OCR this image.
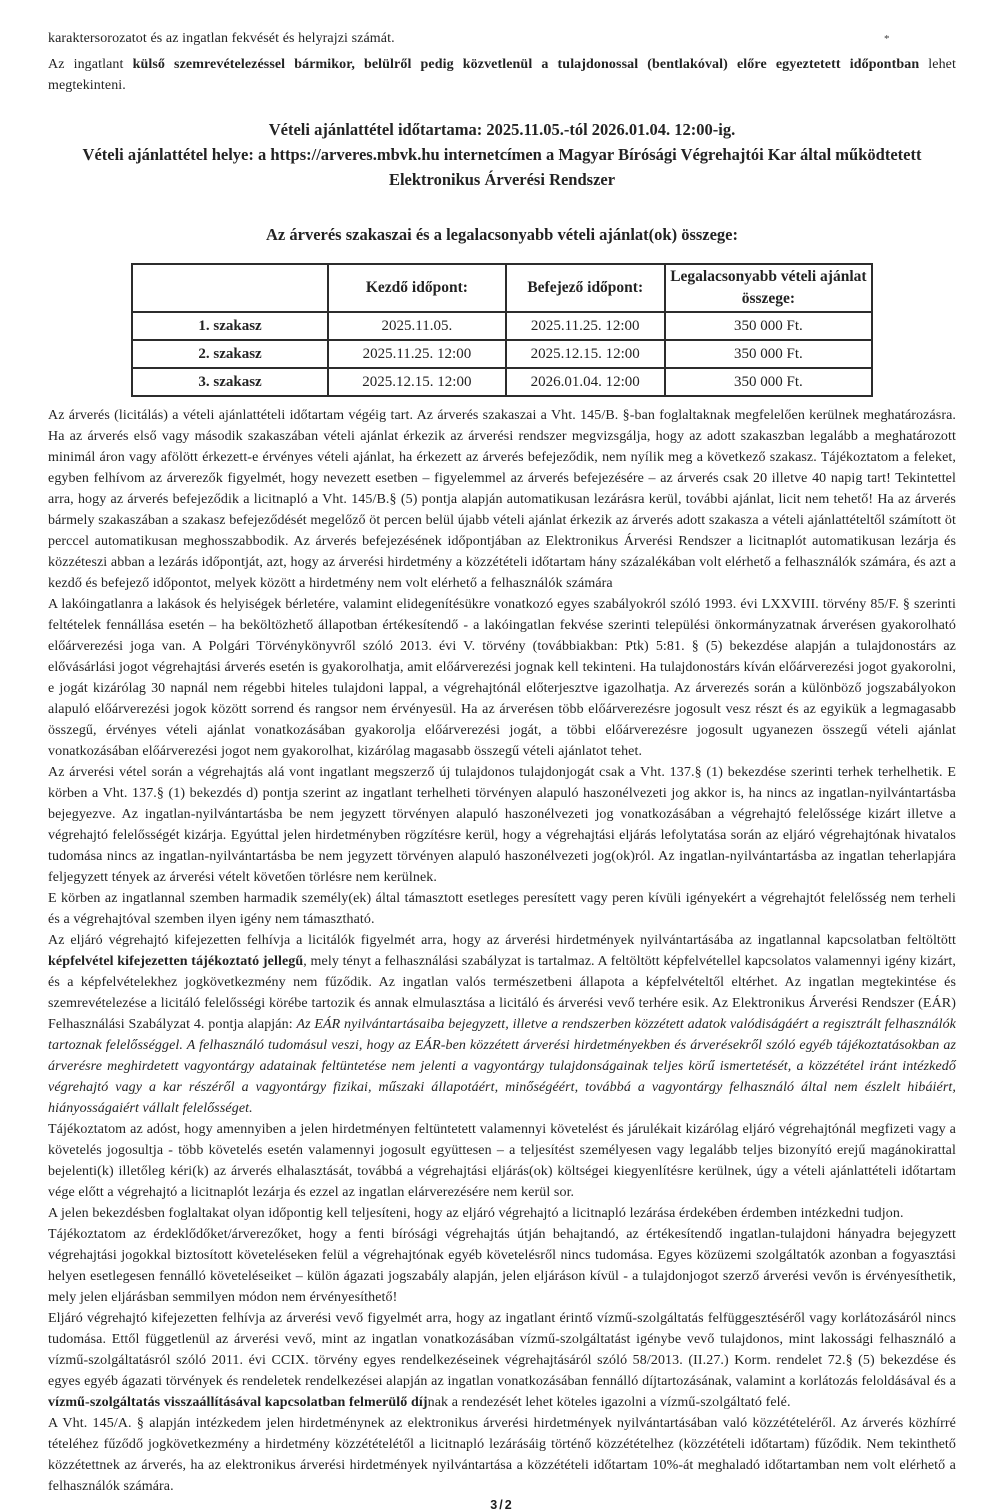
karaktersorozatot és az ingatlan fekvését és helyrajzi számát.
Az ingatlant külső szemrevételezéssel bármikor, belülről pedig közvetlenül a tulajdonossal (bentlakóval) előre egyeztetett időpontban lehet megtekinteni.
*
Vételi ajánlattétel időtartama: 2025.11.05.-tól 2026.01.04. 12:00-ig.
Vételi ajánlattétel helye: a https://arveres.mbvk.hu internetcímen a Magyar Bírósági Végrehajtói Kar által működtetett Elektronikus Árverési Rendszer
Az árverés szakaszai és a legalacsonyabb vételi ajánlat(ok) összege:
	Kezdő időpont:	Befejező időpont:	Legalacsonyabb vételi ajánlat összege:
1. szakasz	2025.11.05.	2025.11.25. 12:00	350 000 Ft.
2. szakasz	2025.11.25. 12:00	2025.12.15. 12:00	350 000 Ft.
3. szakasz	2025.12.15. 12:00	2026.01.04. 12:00	350 000 Ft.
Az árverés (licitálás) a vételi ajánlattételi időtartam végéig tart. Az árverés szakaszai a Vht. 145/B. §-ban foglaltaknak megfelelően kerülnek meghatározásra. Ha az árverés első vagy második szakaszában vételi ajánlat érkezik az árverési rendszer megvizsgálja, hogy az adott szakaszban legalább a meghatározott minimál áron vagy afölött érkezett-e érvényes vételi ajánlat, ha érkezett az árverés befejeződik, nem nyílik meg a következő szakasz. Tájékoztatom a feleket, egyben felhívom az árverezők figyelmét, hogy nevezett esetben – figyelemmel az árverés befejezésére – az árverés csak 20 illetve 40 napig tart! Tekintettel arra, hogy az árverés befejeződik a licitnapló a Vht. 145/B.§ (5) pontja alapján automatikusan lezárásra kerül, további ajánlat, licit nem tehető! Ha az árverés bármely szakaszában a szakasz befejeződését megelőző öt percen belül újabb vételi ajánlat érkezik az árverés adott szakasza a vételi ajánlattételtől számított öt perccel automatikusan meghosszabbodik. Az árverés befejezésének időpontjában az Elektronikus Árverési Rendszer a licitnaplót automatikusan lezárja és közzéteszi abban a lezárás időpontját, azt, hogy az árverési hirdetmény a közzétételi időtartam hány százalékában volt elérhető a felhasználók számára, és azt a kezdő és befejező időpontot, melyek között a hirdetmény nem volt elérhető a felhasználók számára
A lakóingatlanra a lakások és helyiségek bérletére, valamint elidegenítésükre vonatkozó egyes szabályokról szóló 1993. évi LXXVIII. törvény 85/F. § szerinti feltételek fennállása esetén – ha beköltözhető állapotban értékesítendő - a lakóingatlan fekvése szerinti települési önkormányzatnak árverésen gyakorolható előárverezési joga van. A Polgári Törvénykönyvről szóló 2013. évi V. törvény (továbbiakban: Ptk) 5:81. § (5) bekezdése alapján a tulajdonostárs az elővásárlási jogot végrehajtási árverés esetén is gyakorolhatja, amit előárverezési jognak kell tekinteni. Ha tulajdonostárs kíván előárverezési jogot gyakorolni, e jogát kizárólag 30 napnál nem régebbi hiteles tulajdoni lappal, a végrehajtónál előterjesztve igazolhatja. Az árverezés során a különböző jogszabályokon alapuló előárverezési jogok között sorrend és rangsor nem érvényesül. Ha az árverésen több előárverezésre jogosult vesz részt és az egyikük a legmagasabb összegű, érvényes vételi ajánlat vonatkozásában gyakorolja előárverezési jogát, a többi előárverezésre jogosult ugyanezen összegű vételi ajánlat vonatkozásában előárverezési jogot nem gyakorolhat, kizárólag magasabb összegű vételi ajánlatot tehet.
Az árverési vétel során a végrehajtás alá vont ingatlant megszerző új tulajdonos tulajdonjogát csak a Vht. 137.§ (1) bekezdése szerinti terhek terhelhetik. E körben a Vht. 137.§ (1) bekezdés d) pontja szerint az ingatlant terhelheti törvényen alapuló haszonélvezeti jog akkor is, ha nincs az ingatlan-nyilvántartásba bejegyezve. Az ingatlan-nyilvántartásba be nem jegyzett törvényen alapuló haszonélvezeti jog vonatkozásában a végrehajtó felelőssége kizárt illetve a végrehajtó felelősségét kizárja. Egyúttal jelen hirdetményben rögzítésre kerül, hogy a végrehajtási eljárás lefolytatása során az eljáró végrehajtónak hivatalos tudomása nincs az ingatlan-nyilvántartásba be nem jegyzett törvényen alapuló haszonélvezeti jog(ok)ról. Az ingatlan-nyilvántartásba az ingatlan teherlapjára feljegyzett tények az árverési vételt követően törlésre nem kerülnek.
E körben az ingatlannal szemben harmadik személy(ek) által támasztott esetleges peresített vagy peren kívüli igényekért a végrehajtót felelősség nem terheli és a végrehajtóval szemben ilyen igény nem támasztható.
Az eljáró végrehajtó kifejezetten felhívja a licitálók figyelmét arra, hogy az árverési hirdetmények nyilvántartásába az ingatlannal kapcsolatban feltöltött képfelvétel kifejezetten tájékoztató jellegű, mely tényt a felhasználási szabályzat is tartalmaz. A feltöltött képfelvétellel kapcsolatos valamennyi igény kizárt, és a képfelvételekhez jogkövetkezmény nem fűződik. Az ingatlan valós természetbeni állapota a képfelvételtől eltérhet. Az ingatlan megtekintése és szemrevételezése a licitáló felelősségi körébe tartozik és annak elmulasztása a licitáló és árverési vevő terhére esik. Az Elektronikus Árverési Rendszer (EÁR) Felhasználási Szabályzat 4. pontja alapján: Az EÁR nyilvántartásaiba bejegyzett, illetve a rendszerben közzétett adatok valódiságáért a regisztrált felhasználók tartoznak felelősséggel. A felhasználó tudomásul veszi, hogy az EÁR-ben közzétett árverési hirdetményekben és árverésekről szóló egyéb tájékoztatásokban az árverésre meghirdetett vagyontárgy adatainak feltüntetése nem jelenti a vagyontárgy tulajdonságainak teljes körű ismertetését, a közzététel iránt intézkedő végrehajtó vagy a kar részéről a vagyontárgy fizikai, műszaki állapotáért, minőségéért, továbbá a vagyontárgy felhasználó által nem észlelt hibáiért, hiányosságaiért vállalt felelősséget.
Tájékoztatom az adóst, hogy amennyiben a jelen hirdetményen feltüntetett valamennyi követelést és járulékait kizárólag eljáró végrehajtónál megfizeti vagy a követelés jogosultja - több követelés esetén valamennyi jogosult együttesen – a teljesítést személyesen vagy legalább teljes bizonyító erejű magánokirattal bejelenti(k) illetőleg kéri(k) az árverés elhalasztását, továbbá a végrehajtási eljárás(ok) költségei kiegyenlítésre kerülnek, úgy a vételi ajánlattételi időtartam vége előtt a végrehajtó a licitnaplót lezárja és ezzel az ingatlan elárverezésére nem kerül sor.
A jelen bekezdésben foglaltakat olyan időpontig kell teljesíteni, hogy az eljáró végrehajtó a licitnapló lezárása érdekében érdemben intézkedni tudjon.
Tájékoztatom az érdeklődőket/árverezőket, hogy a fenti bírósági végrehajtás útján behajtandó, az értékesítendő ingatlan-tulajdoni hányadra bejegyzett végrehajtási jogokkal biztosított követeléseken felül a végrehajtónak egyéb követelésről nincs tudomása. Egyes közüzemi szolgáltatók azonban a fogyasztási helyen esetlegesen fennálló követeléseiket – külön ágazati jogszabály alapján, jelen eljáráson kívül - a tulajdonjogot szerző árverési vevőn is érvényesíthetik, mely jelen eljárásban semmilyen módon nem érvényesíthető!
Eljáró végrehajtó kifejezetten felhívja az árverési vevő figyelmét arra, hogy az ingatlant érintő vízmű-szolgáltatás felfüggesztéséről vagy korlátozásáról nincs tudomása. Ettől függetlenül az árverési vevő, mint az ingatlan vonatkozásában vízmű-szolgáltatást igénybe vevő tulajdonos, mint lakossági felhasználó a vízmű-szolgáltatásról szóló 2011. évi CCIX. törvény egyes rendelkezéseinek végrehajtásáról szóló 58/2013. (II.27.) Korm. rendelet 72.§ (5) bekezdése és egyes egyéb ágazati törvények és rendeletek rendelkezései alapján az ingatlan vonatkozásában fennálló díjtartozásának, valamint a korlátozás feloldásával és a vízmű-szolgáltatás visszaállításával kapcsolatban felmerülő díjnak a rendezését lehet köteles igazolni a vízmű-szolgáltató felé.
A Vht. 145/A. § alapján intézkedem jelen hirdetménynek az elektronikus árverési hirdetmények nyilvántartásában való közzétételéről. Az árverés közhírré tételéhez fűződő jogkövetkezmény a hirdetmény közzétételétől a licitnapló lezárásáig történő közzétételhez (közzétételi időtartam) fűződik. Nem tekinthető közzétettnek az árverés, ha az elektronikus árverési hirdetmények nyilvántartása a közzétételi időtartam 10%-át meghaladó időtartamban nem volt elérhető a felhasználók számára.
3/2
